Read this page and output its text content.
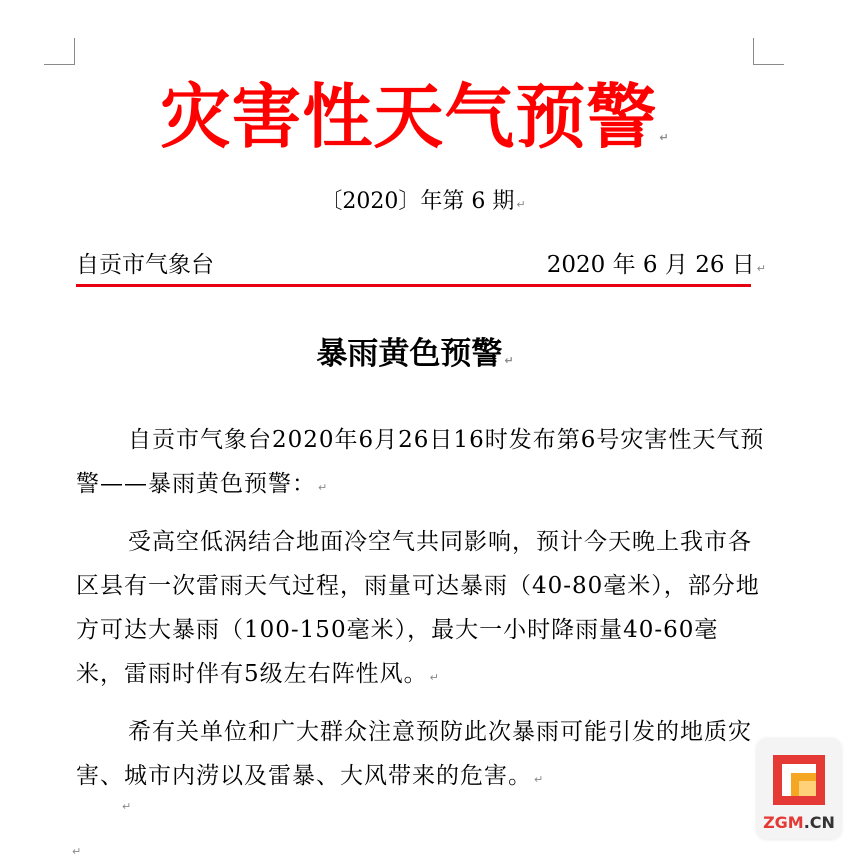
灾害性天气预警 ↵
〔2020〕年第 6 期 ↵
自贡市气象台	2020 年 6 月 26 日 ↵
暴雨黄色预警 ↵

自贡市气象台2020年6月26日16时发布第6号灾害性天气预警——暴雨黄色预警： ↵

受高空低涡结合地面冷空气共同影响，预计今天晚上我市各区县有一次雷雨天气过程，雨量可达暴雨（40-80毫米），部分地方可达大暴雨（100-150毫米），最大一小时降雨量40-60毫米，雷雨时伴有5级左右阵性风。 ↵

希有关单位和广大群众注意预防此次暴雨可能引发的地质灾害、城市内涝以及雷暴、大风带来的危害。 ↵

↵
↵
ZGM.CN
